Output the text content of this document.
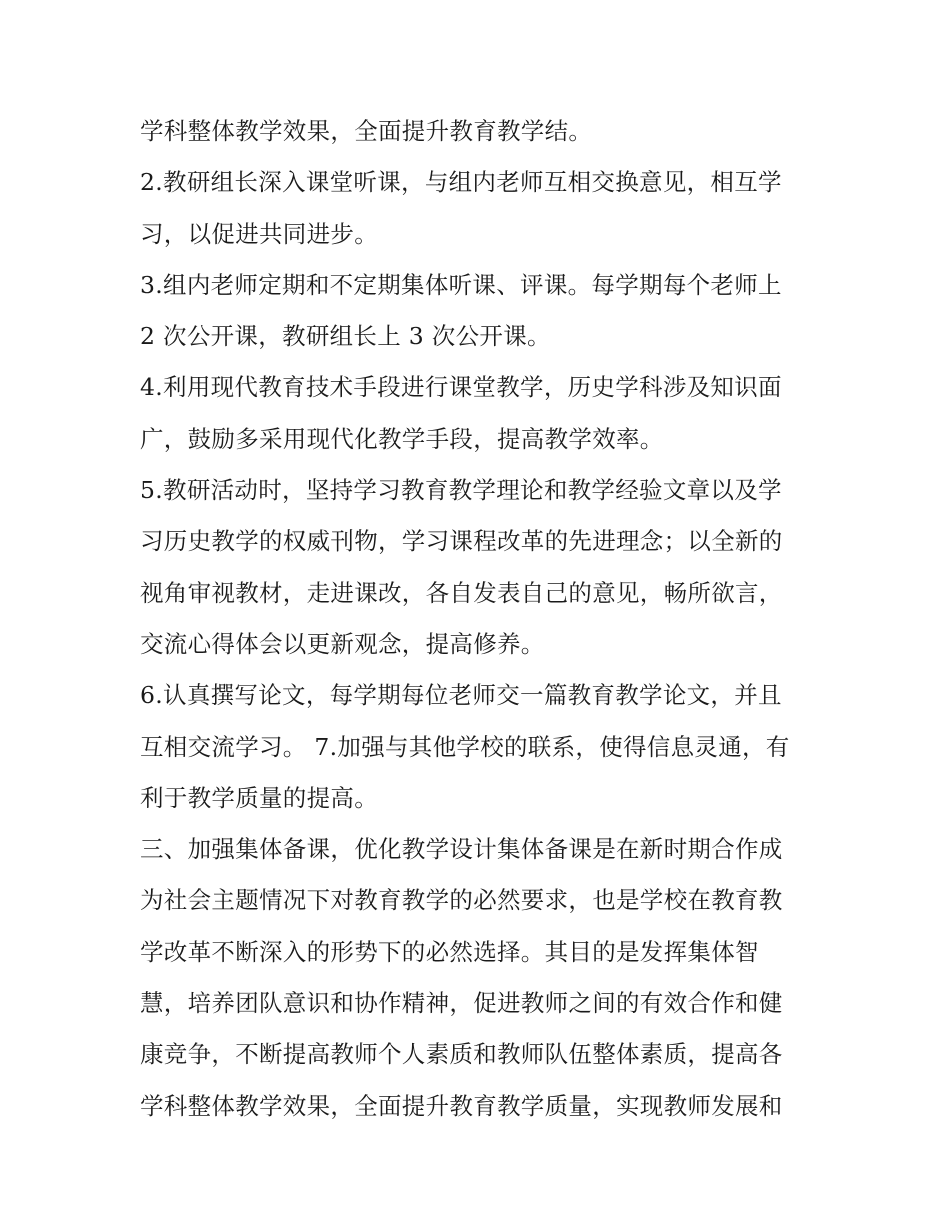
学科整体教学效果，全面提升教育教学结。
2.教研组长深入课堂听课，与组内老师互相交换意见，相互学
习，以促进共同进步。
3.组内老师定期和不定期集体听课、评课。每学期每个老师上
2 次公开课，教研组长上 3 次公开课。
4.利用现代教育技术手段进行课堂教学，历史学科涉及知识面
广，鼓励多采用现代化教学手段，提高教学效率。
5.教研活动时，坚持学习教育教学理论和教学经验文章以及学
习历史教学的权威刊物，学习课程改革的先进理念；以全新的
视角审视教材，走进课改，各自发表自己的意见，畅所欲言，
交流心得体会以更新观念，提高修养。
6.认真撰写论文，每学期每位老师交一篇教育教学论文，并且
互相交流学习。 7.加强与其他学校的联系，使得信息灵通，有
利于教学质量的提高。
三、加强集体备课，优化教学设计集体备课是在新时期合作成
为社会主题情况下对教育教学的必然要求，也是学校在教育教
学改革不断深入的形势下的必然选择。其目的是发挥集体智
慧，培养团队意识和协作精神，促进教师之间的有效合作和健
康竞争，不断提高教师个人素质和教师队伍整体素质，提高各
学科整体教学效果，全面提升教育教学质量，实现教师发展和
